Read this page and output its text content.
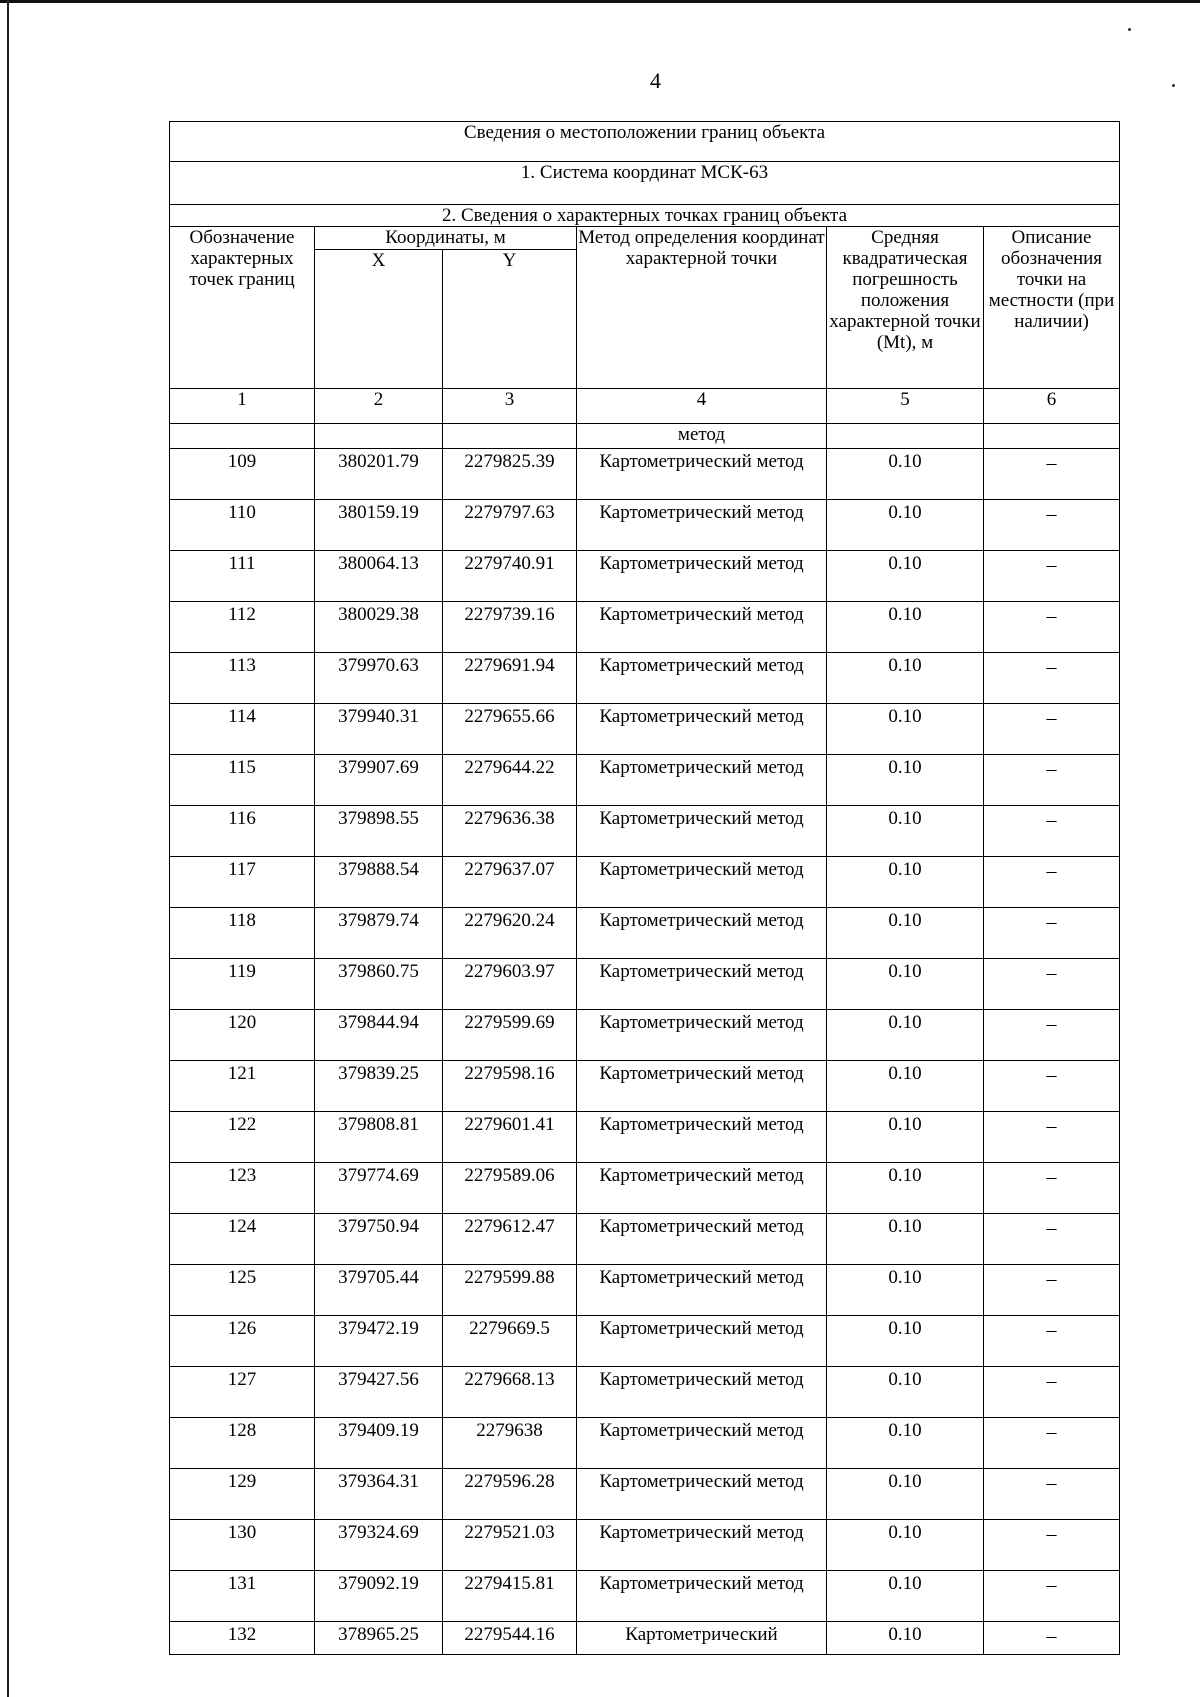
4
Сведения о местоположении границ объекта					
1. Система координат МСК-63					
2. Сведения о характерных точках границ объекта					
Обозначение характерных точек границ	Координаты, м		Метод определения координат характерной точки	Средняя квадратическая погрешность положения характерной точки (Mt), м	Описание обозначения точки на местности (при наличии)
	X	Y			
1	2	3	4	5	6
			метод		
109	380201.79	2279825.39	Картометрический метод	0.10	–
110	380159.19	2279797.63	Картометрический метод	0.10	–
111	380064.13	2279740.91	Картометрический метод	0.10	–
112	380029.38	2279739.16	Картометрический метод	0.10	–
113	379970.63	2279691.94	Картометрический метод	0.10	–
114	379940.31	2279655.66	Картометрический метод	0.10	–
115	379907.69	2279644.22	Картометрический метод	0.10	–
116	379898.55	2279636.38	Картометрический метод	0.10	–
117	379888.54	2279637.07	Картометрический метод	0.10	–
118	379879.74	2279620.24	Картометрический метод	0.10	–
119	379860.75	2279603.97	Картометрический метод	0.10	–
120	379844.94	2279599.69	Картометрический метод	0.10	–
121	379839.25	2279598.16	Картометрический метод	0.10	–
122	379808.81	2279601.41	Картометрический метод	0.10	–
123	379774.69	2279589.06	Картометрический метод	0.10	–
124	379750.94	2279612.47	Картометрический метод	0.10	–
125	379705.44	2279599.88	Картометрический метод	0.10	–
126	379472.19	2279669.5	Картометрический метод	0.10	–
127	379427.56	2279668.13	Картометрический метод	0.10	–
128	379409.19	2279638	Картометрический метод	0.10	–
129	379364.31	2279596.28	Картометрический метод	0.10	–
130	379324.69	2279521.03	Картометрический метод	0.10	–
131	379092.19	2279415.81	Картометрический метод	0.10	–
132	378965.25	2279544.16	Картометрический	0.10	–
